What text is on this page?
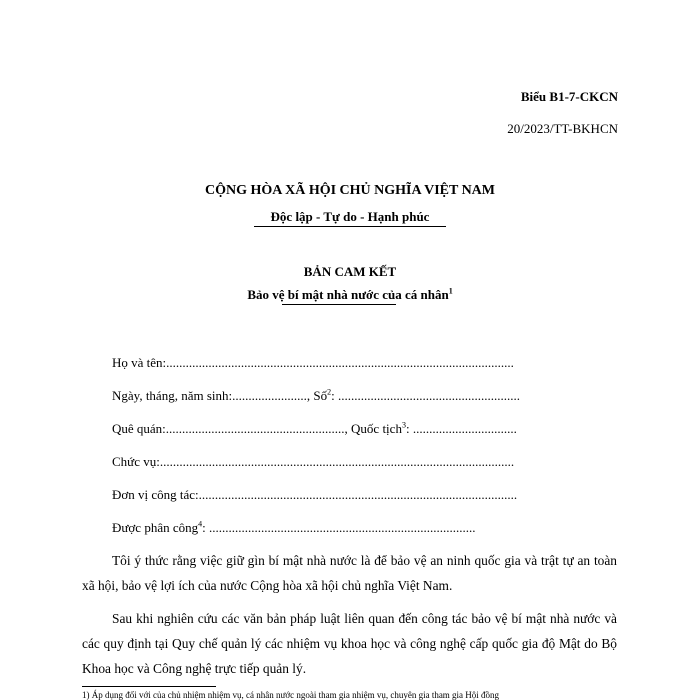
Biểu B1-7-CKCN
20/2023/TT-BKHCN
CỘNG HÒA XÃ HỘI CHỦ NGHĨA VIỆT NAM
Độc lập - Tự do - Hạnh phúc
BẢN CAM KẾT
Bảo vệ bí mật nhà nước của cá nhân$^1$
Họ và tên:...........................................................................................................
Ngày, tháng, năm sinh:......................., Số$^2$: ........................................................
Quê quán:......................................................., Quốc tịch$^3$: ................................
Chức vụ:.............................................................................................................
Đơn vị công tác:..................................................................................................
Được phân công$^4$: ..................................................................................
Tôi ý thức rằng việc giữ gìn bí mật nhà nước là để bảo vệ an ninh quốc gia và trật tự an toàn xã hội, bảo vệ lợi ích của nước Cộng hòa xã hội chủ nghĩa Việt Nam.
Sau khi nghiên cứu các văn bản pháp luật liên quan đến công tác bảo vệ bí mật nhà nước và các quy định tại Quy chế quản lý các nhiệm vụ khoa học và công nghệ cấp quốc gia độ Mật do Bộ Khoa học và Công nghệ trực tiếp quản lý.
1) Áp dụng đối với của chủ nhiệm nhiệm vụ, cá nhân nước ngoài tham gia nhiệm vụ, chuyên gia tham gia Hội đồng
